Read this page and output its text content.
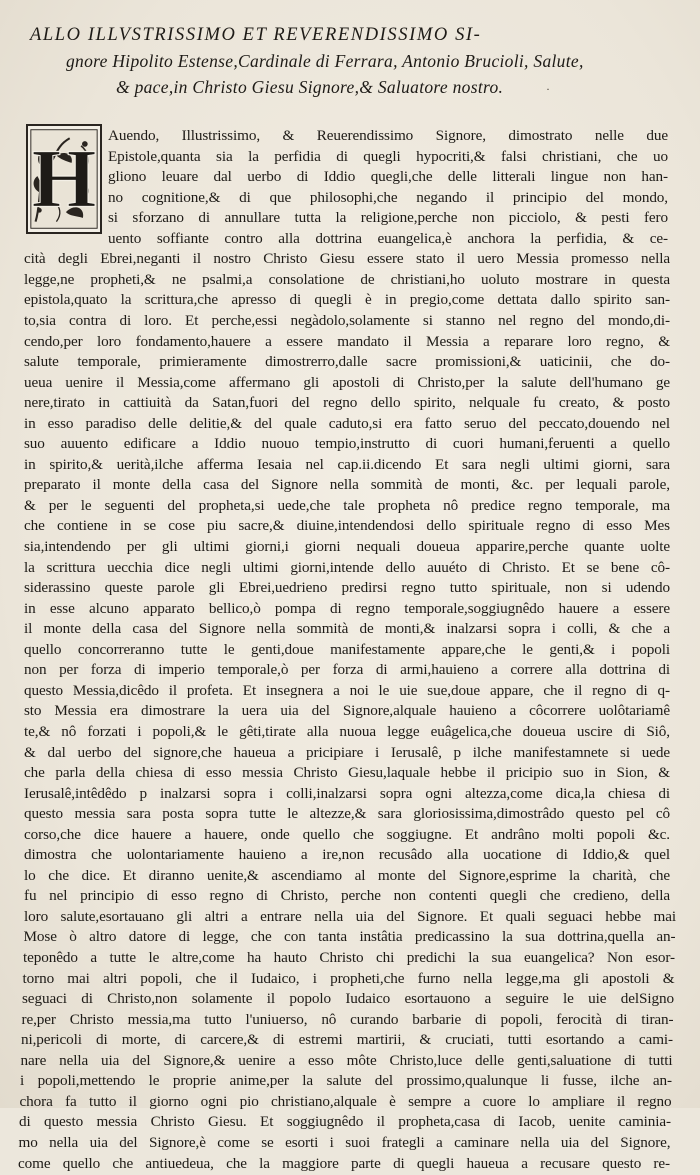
ALLO ILLVSTRISSIMO ET REVERENDISSIMO SI-
gnore Hipolito Estense,Cardinale di Ferrara, Antonio Brucioli, Salute,
& pace,in Christo Giesu Signore,& Saluatore nostro.	·
H Auendo, Illustrissimo, & Reuerendissimo Signore, dimostrato nelle due
Epistole,quanta sia la perfidia di quegli hypocriti,& falsi christiani, che uo
gliono leuare dal uerbo di Iddio quegli,che delle litterali lingue non han-
no cognitione,& di que philosophi,che negando il principio del mondo,
si sforzano di annullare tutta la religione,perche non picciolo, & pesti fero
uento soffiante contro alla dottrina euangelica,è anchora la perfidia, & ce-
cità degli Ebrei,neganti il nostro Christo Giesu essere stato il uero Messia promesso nella
legge,ne propheti,& ne psalmi,a consolatione de christiani,ho uoluto mostrare in questa
epistola,quato la scrittura,che apresso di quegli è in pregio,come dettata dallo spirito san-
to,sia contra di loro. Et perche,essi negàdolo,solamente si stanno nel regno del mondo,di-
cendo,per loro fondamento,hauere a essere mandato il Messia a reparare loro regno, &
salute temporale, primieramente dimostrerro,dalle sacre promissioni,& uaticinii, che do-
ueua uenire il Messia,come affermano gli apostoli di Christo,per la salute dell'humano ge
nere,tirato in cattiuità da Satan,fuori del regno dello spirito, nelquale fu creato, & posto
in esso paradiso delle delitie,& del quale caduto,si era fatto seruo del peccato,douendo nel
suo auuento edificare a Iddio nuouo tempio,instrutto di cuori humani,feruenti a quello
in spirito,& uerità,ilche afferma Iesaia nel cap.ii.dicendo Et sara negli ultimi giorni, sara
preparato il monte della casa del Signore nella sommità de monti, &c. per lequali parole,
& per le seguenti del propheta,si uede,che tale propheta nô predice regno temporale, ma
che contiene in se cose piu sacre,& diuine,intendendosi dello spirituale regno di esso Mes
sia,intendendo per gli ultimi giorni,i giorni nequali doueua apparire,perche quante uolte
la scrittura uecchia dice negli ultimi giorni,intende dello auuéto di Christo. Et se bene cô-
siderassino queste parole gli Ebrei,uedrieno predirsi regno tutto spirituale, non si udendo
in esse alcuno apparato bellico,ò pompa di regno temporale,soggiugnêdo hauere a essere
il monte della casa del Signore nella sommità de monti,& inalzarsi sopra i colli, & che a
quello concorreranno tutte le genti,doue manifestamente appare,che le genti,& i popoli
non per forza di imperio temporale,ò per forza di armi,hauieno a correre alla dottrina di
questo Messia,dicêdo il profeta. Et insegnera a noi le uie sue,doue appare, che il regno di q-
sto Messia era dimostrare la uera uia del Signore,alquale hauieno a côcorrere uolôtariamê
te,& nô forzati i popoli,& le gêti,tirate alla nuoua legge euâgelica,che doueua uscire di Siô,
& dal uerbo del signore,che haueua a pricipiare i Ierusalê, p ilche manifestamnete si uede
che parla della chiesa di esso messia Christo Giesu,laquale hebbe il pricipio suo in Sion, &
Ierusalê,intêdêdo p inalzarsi sopra i colli,inalzarsi sopra ogni altezza,come dica,la chiesa di
questo messia sara posta sopra tutte le altezze,& sara gloriosissima,dimostrâdo questo pel cô
corso,che dice hauere a hauere, onde quello che soggiugne. Et andrâno molti popoli &c.
dimostra che uolontariamente hauieno a ire,non recusâdo alla uocatione di Iddio,& quel
lo che dice. Et diranno uenite,& ascendiamo al monte del Signore,esprime la charità, che
fu nel principio di esso regno di Christo, perche non contenti quegli che credieno, della
loro salute,esortauano gli altri a entrare nella uia del Signore. Et quali seguaci hebbe mai
Mose ò altro datore di legge, che con tanta instâtia predicassino la sua dottrina,quella an-
teponêdo a tutte le altre,come ha hauto Christo chi predichi la sua euangelica? Non esor-
torno mai altri popoli, che il Iudaico, i propheti,che furno nella legge,ma gli apostoli &
seguaci di Christo,non solamente il popolo Iudaico esortauono a seguire le uie delSigno
re,per Christo messia,ma tutto l'uniuerso, nô curando barbarie di popoli, ferocità di tiran-
ni,pericoli di morte, di carcere,& di estremi martirii, & cruciati, tutti esortando a cami-
nare nella uia del Signore,& uenire a esso môte Christo,luce delle genti,saluatione di tutti
i popoli,mettendo le proprie anime,per la salute del prossimo,qualunque li fusse, ilche an-
chora fa tutto il giorno ogni pio christiano,alquale è sempre a cuore lo ampliare il regno
di questo messia Christo Giesu. Et soggiugnêdo il propheta,casa di Iacob, uenite caminia-
mo nella uia del Signore,è come se esorti i suoi frategli a caminare nella uia del Signore,
come quello che antiuedeua, che la maggiore parte di quegli haueua a recusare questo re-
